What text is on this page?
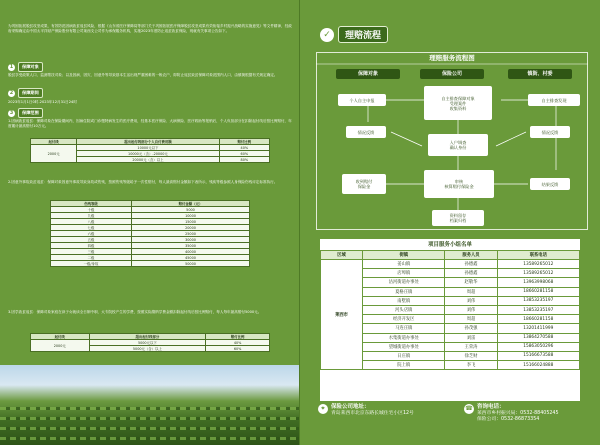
为巩固拓展脱贫攻坚成果，有效防范因病致贫返贫风险，根据《山东省医疗保障局等部门关于巩固拓展医疗保障脱贫攻坚成果有效衔接乡村振兴战略的实施意见》等文件精神，经政府采购确定由中国太平洋财产保险股份有限公司莱西支公司作为承保服务机构，实施2023年度防止返贫致贫保险，现就有关事项公告如下。
1	保障对象
脱贫享受政策人口、监测帮扶对象；以及因病、因灾、因意外等导致基本生活出现严重困难的一般农户，即防止返贫致贫保障对象范围内人口，由镇街根据有关规定确定。
2	保障期间
2023年1月1日0时-2023年12月31日24时
3	保障范围
1.因病致贫返贫：保障对象在保险期间内，因病住院或门诊慢特病发生的医疗费用，经基本医疗保险、大病保险、医疗救助等报销后，个人负担部分在扣除起付线后按比例赔付，年度累计最高赔付10万元。
起付线	超出起付线部分个人自付费用额	赔付比例
2000元	10000元以下	40%
	10000元（含）-20000元	60%
	20000元（含）以上	80%
2.因意外事故致贫返贫：保障对象因意外事故导致身故或伤残，按照伤残等级给予一次性赔付，每人最高赔付金额如下表所示，残疾等级参照人身保险伤残评定标准执行。
伤残等级	赔付金额（元）
十级	5000
九级	10000
八级	15000
七级	20000
六级	25000
五级	30000
四级	35000
三级	40000
二级	45000
一级/身故	50000
3.因学致贫返贫：保障对象家庭在读子女就读全日制中职、大专院校产生的学费，按照实际缴纳学费金额扣除起付线后按比例赔付，每人每年最高赔付5000元。
起付线	超出起付线部分	赔付比例
2000元	5000元以下	40%
	5000元（含）以上	60%
✓	理赔流程
理赔服务流程图
保障对象	保险公司	镇街、村委
个人自主申报	自主排查保障对象
受理案件
收集资料
自主排查发现
情况反馈
入户调查
确认身份
情况反馈
收到赔付
保险金
审核
核算赔付保险金	结果反馈
资料留存
档案归档
项目服务小组名单
区域	街镇	服务人员	联系电话
莱西市	姜山镇	孙德鑫	13589265012
	店埠镇	孙德鑫	13589265012
	沽河街道办事处	赵敬华	13963998068
	夏格庄镇	周超	18660281158
	南墅镇	刘伟	13853235197
	河头店镇	刘伟	13853235197
	经济开发区	周超	18660281158
	马连庄镇	孙茂强	13201411999
	水集街道办事处	刘雷	13864270588
	望城街道办事处	王荣涛	15863050296
	日庄镇	徐芝财	15166673588
	院上镇	李飞	15166024888
⌖	保险公司地址：
青岛莱西市北京东路长城住宅小区12号
☎ 咨询电话：
莱西市乡村振兴局：0532-88405245
保险公司：0532-86873354
